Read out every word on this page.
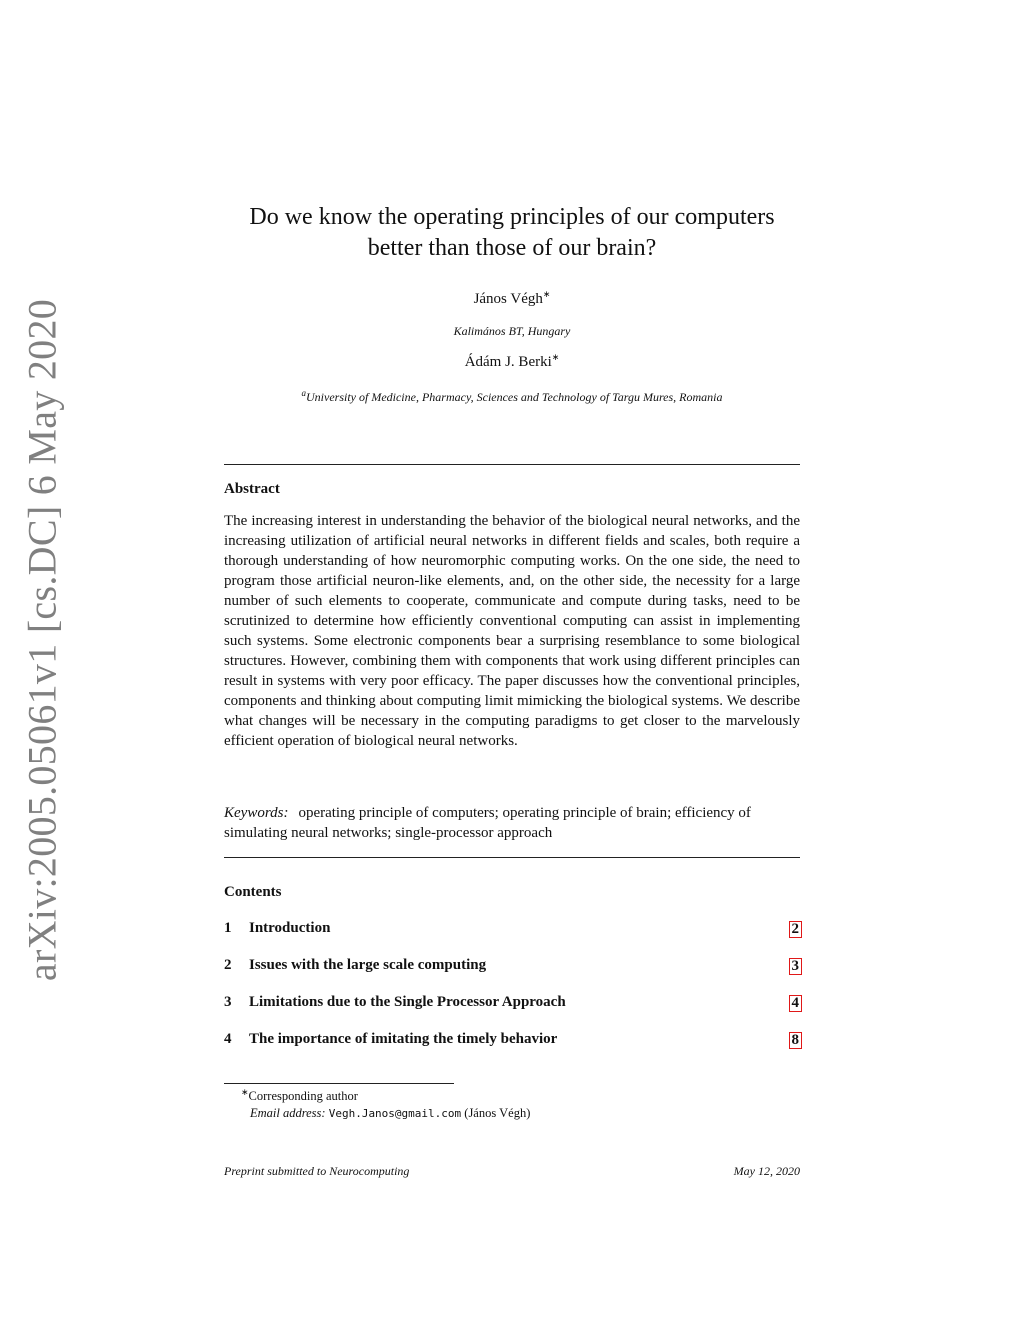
arXiv:2005.05061v1 [cs.DC] 6 May 2020
Do we know the operating principles of our computers
better than those of our brain?
János Végh∗
Kalimános BT, Hungary
Ádám J. Berki∗
$^a$University of Medicine, Pharmacy, Sciences and Technology of Targu Mures, Romania
Abstract
The increasing interest in understanding the behavior of the biological neural networks, and the increasing utilization of artificial neural networks in different fields and scales, both require a thorough understanding of how neuromorphic computing works. On the one side, the need to program those artificial neuron-like elements, and, on the other side, the necessity for a large number of such elements to cooperate, communicate and compute during tasks, need to be scrutinized to determine how efficiently conventional computing can assist in implementing such systems. Some electronic components bear a surprising resemblance to some biological structures. However, combining them with components that work using different principles can result in systems with very poor efficacy. The paper discusses how the conventional principles, components and thinking about computing limit mimicking the biological systems. We describe what changes will be necessary in the computing paradigms to get closer to the marvelously efficient operation of biological neural networks.
Keywords: operating principle of computers; operating principle of brain; efficiency of simulating neural networks; single-processor approach
Contents
1 Introduction	2
2 Issues with the large scale computing	3
3 Limitations due to the Single Processor Approach	4
4 The importance of imitating the timely behavior	8
∗Corresponding author
Email address: Vegh.Janos@gmail.com (János Végh)
Preprint submitted to Neurocomputing	May 12, 2020
